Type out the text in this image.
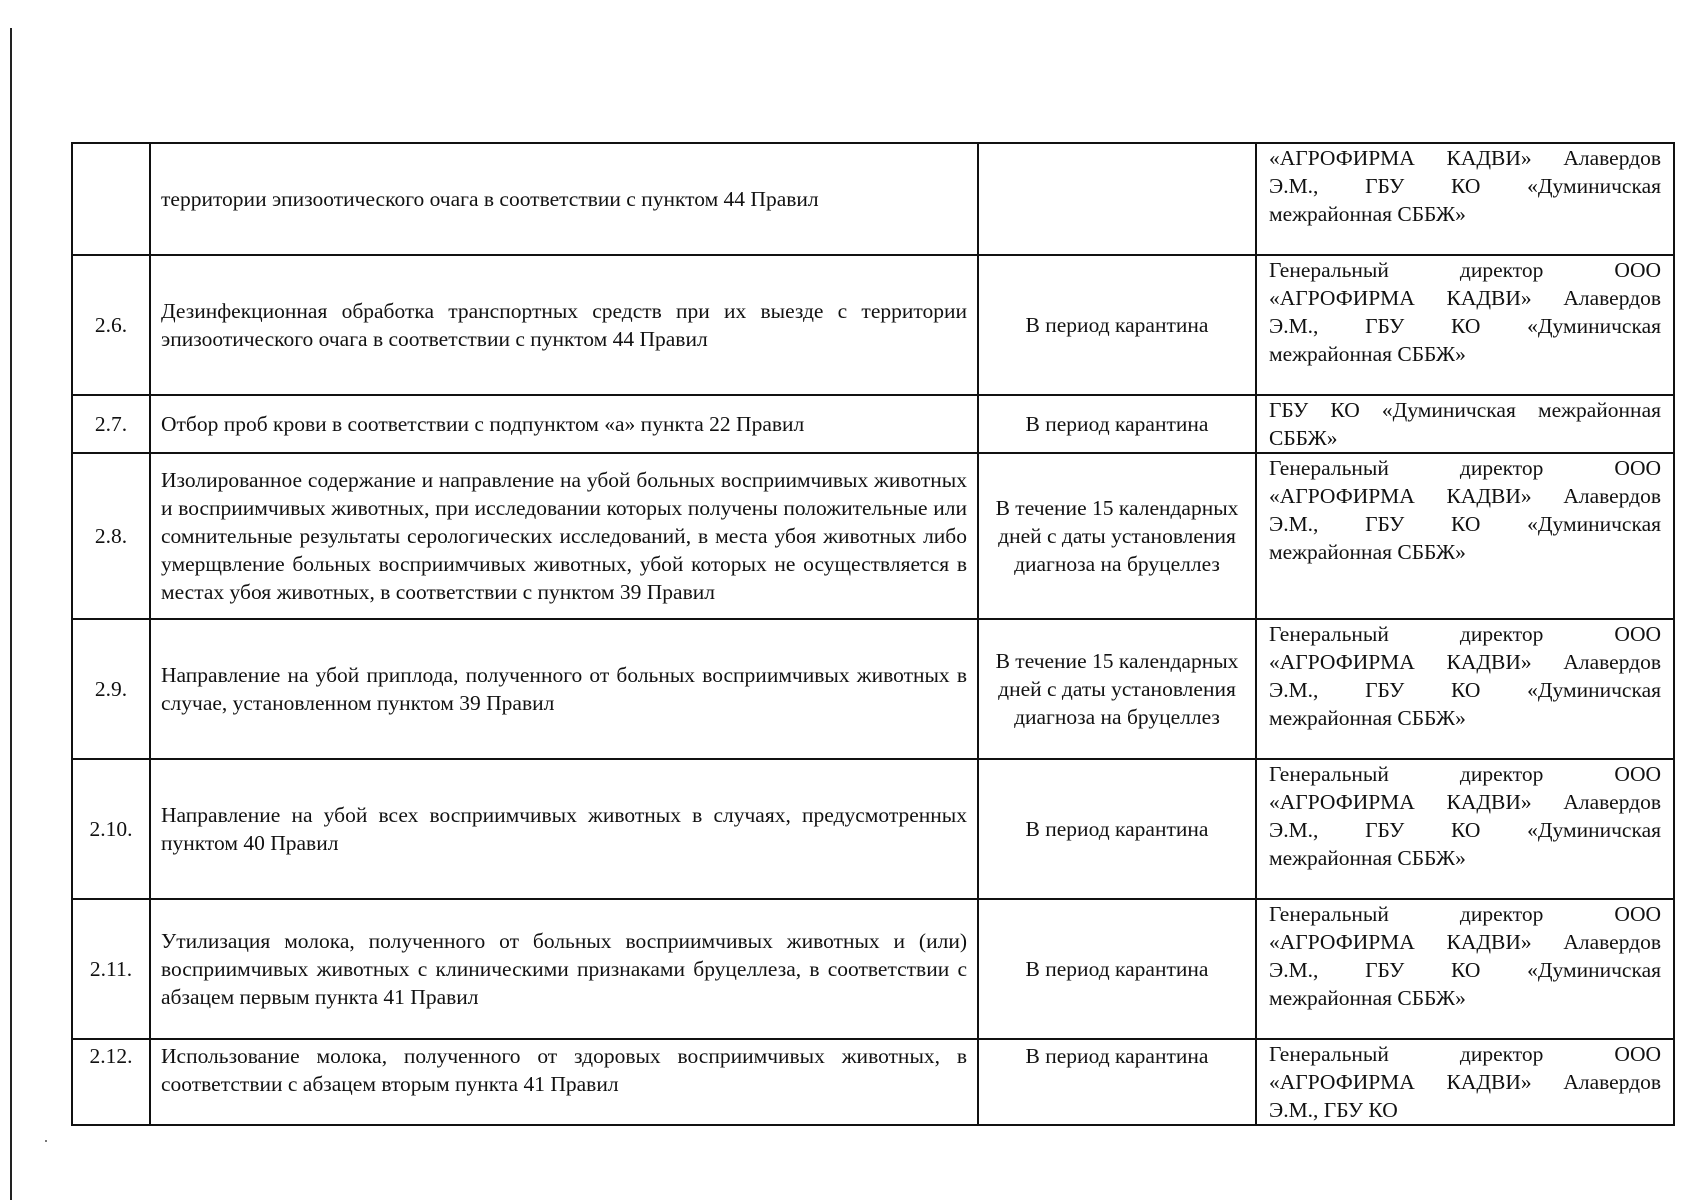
	территории эпизоотического очага в соответствии с пунктом 44 Правил		«АГРОФИРМА КАДВИ» Алавердов Э.М., ГБУ КО «Думиничская межрайонная СББЖ»

2.6.	Дезинфекционная обработка транспортных средств при их выезде с территории эпизоотического очага в соответствии с пунктом 44 Правил	В период карантина	Генеральный директор ООО «АГРОФИРМА КАДВИ» Алавердов Э.М., ГБУ КО «Думиничская межрайонная СББЖ»

2.7.	Отбор проб крови в соответствии с подпунктом «а» пункта 22 Правил	В период карантина	ГБУ КО «Думиничская межрайонная СББЖ»

2.8.	Изолированное содержание и направление на убой больных восприимчивых животных и восприимчивых животных, при исследовании которых получены положительные или сомнительные результаты серологических исследований, в места убоя животных либо умерщвление больных восприимчивых животных, убой которых не осуществляется в местах убоя животных, в соответствии с пунктом 39 Правил	В течение 15 календарных дней с даты установления диагноза на бруцеллез	Генеральный директор ООО «АГРОФИРМА КАДВИ» Алавердов Э.М., ГБУ КО «Думиничская межрайонная СББЖ»

2.9.	Направление на убой приплода, полученного от больных восприимчивых животных в случае, установленном пунктом 39 Правил	В течение 15 календарных дней с даты установления диагноза на бруцеллез	Генеральный директор ООО «АГРОФИРМА КАДВИ» Алавердов Э.М., ГБУ КО «Думиничская межрайонная СББЖ»

2.10.	Направление на убой всех восприимчивых животных в случаях, предусмотренных пунктом 40 Правил	В период карантина	Генеральный директор ООО «АГРОФИРМА КАДВИ» Алавердов Э.М., ГБУ КО «Думиничская межрайонная СББЖ»

2.11.	Утилизация молока, полученного от больных восприимчивых животных и (или) восприимчивых животных с клиническими признаками бруцеллеза, в соответствии с абзацем первым пункта 41 Правил	В период карантина	Генеральный директор ООО «АГРОФИРМА КАДВИ» Алавердов Э.М., ГБУ КО «Думиничская межрайонная СББЖ»

2.12.	Использование молока, полученного от здоровых восприимчивых животных, в соответствии с абзацем вторым пункта 41 Правил	В период карантина	Генеральный директор ООО «АГРОФИРМА КАДВИ» Алавердов Э.М., ГБУ КО
